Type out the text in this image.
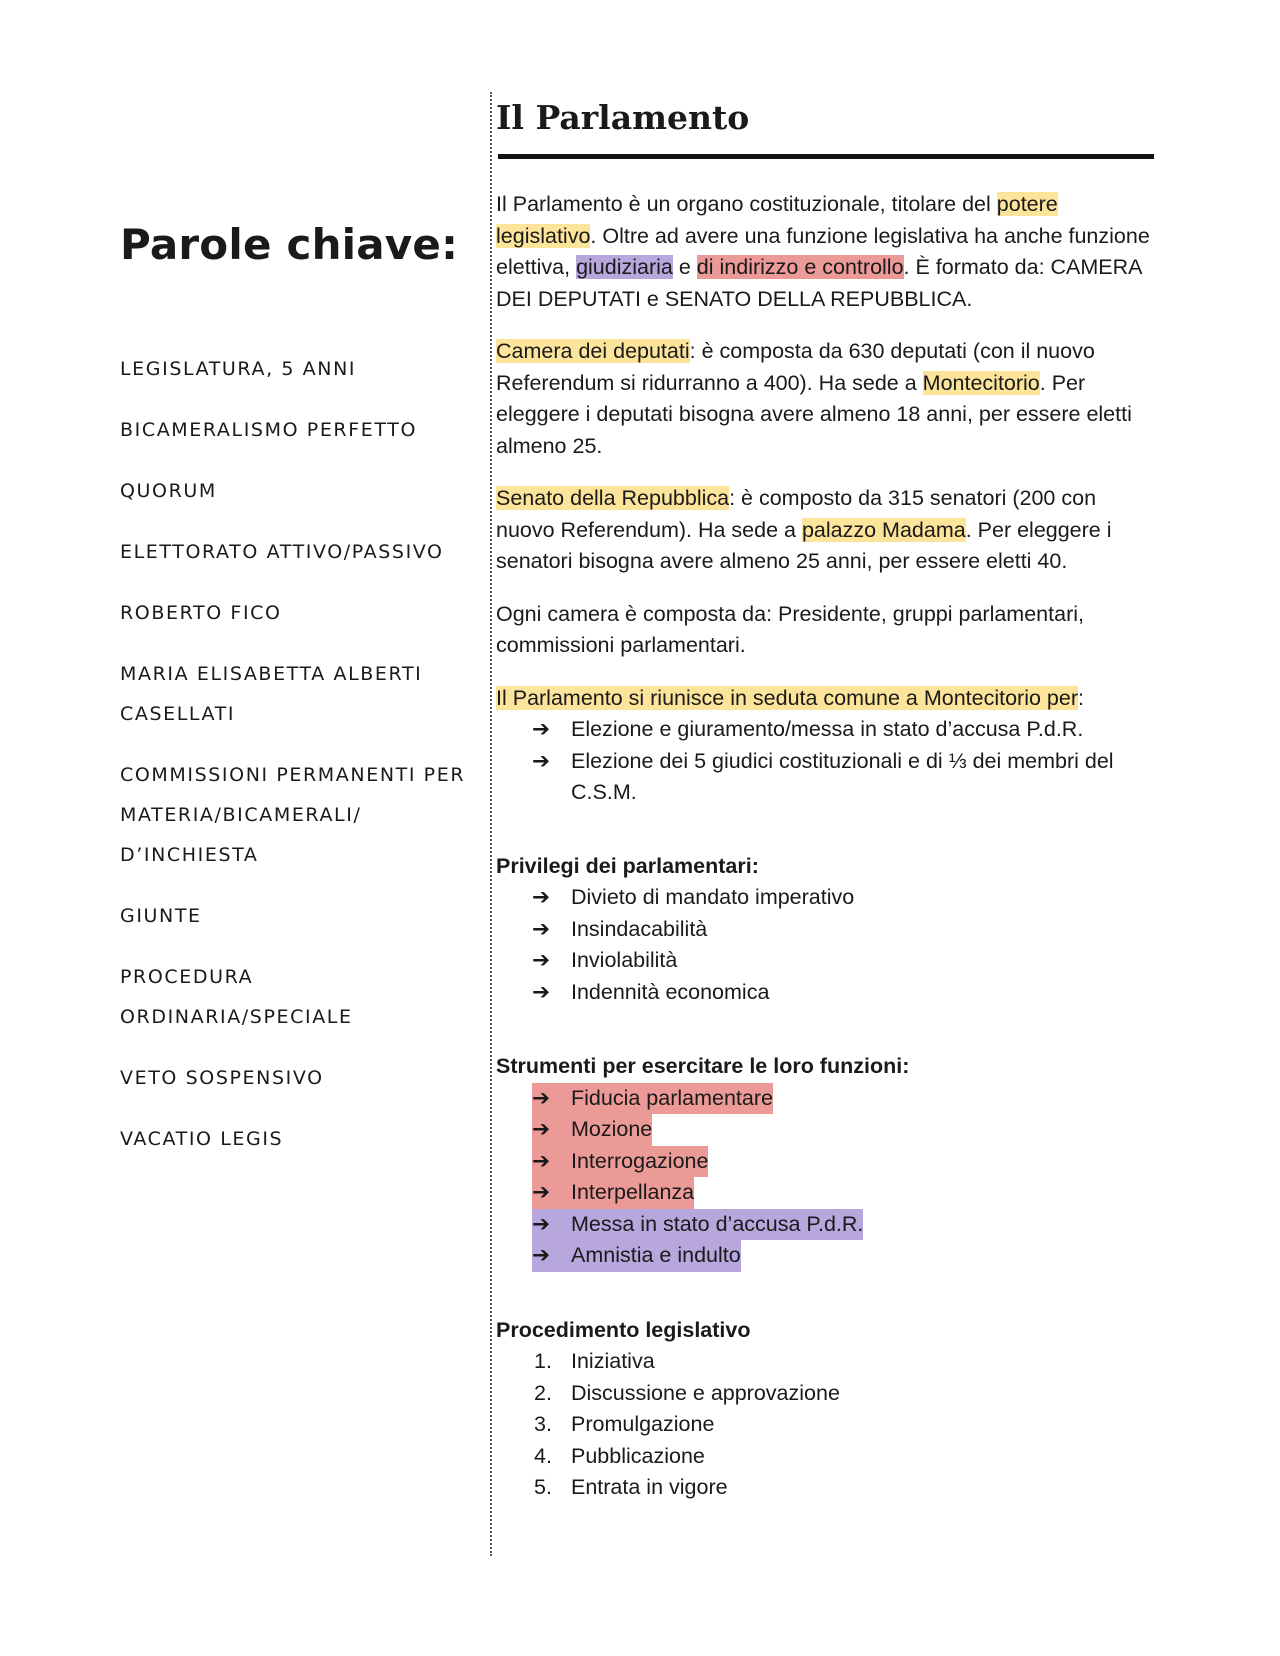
Parole chiave:
LEGISLATURA, 5 ANNI
BICAMERALISMO PERFETTO
QUORUM
ELETTORATO ATTIVO/PASSIVO
ROBERTO FICO
MARIA ELISABETTA ALBERTI CASELLATI
COMMISSIONI PERMANENTI PER MATERIA/BICAMERALI/ D’INCHIESTA
GIUNTE
PROCEDURA ORDINARIA/SPECIALE
VETO SOSPENSIVO
VACATIO LEGIS
Il Parlamento

Il Parlamento è un organo costituzionale, titolare del potere legislativo. Oltre ad avere una funzione legislativa ha anche funzione elettiva, giudiziaria e di indirizzo e controllo. È formato da: CAMERA DEI DEPUTATI e SENATO DELLA REPUBBLICA.

Camera dei deputati: è composta da 630 deputati (con il nuovo Referendum si ridurranno a 400). Ha sede a Montecitorio. Per eleggere i deputati bisogna avere almeno 18 anni, per essere eletti almeno 25.

Senato della Repubblica: è composto da 315 senatori (200 con nuovo Referendum). Ha sede a palazzo Madama. Per eleggere i senatori bisogna avere almeno 25 anni, per essere eletti 40.

Ogni camera è composta da: Presidente, gruppi parlamentari, commissioni parlamentari.

Il Parlamento si riunisce in seduta comune a Montecitorio per:

➔ Elezione e giuramento/messa in stato d’accusa P.d.R.
➔ Elezione dei 5 giudici costituzionali e di ⅓ dei membri del C.S.M.
Privilegi dei parlamentari:
➔ Divieto di mandato imperativo
➔ Insindacabilità
➔ Inviolabilità
➔ Indennità economica
Strumenti per esercitare le loro funzioni:
➔ Fiducia parlamentare
➔ Mozione
➔ Interrogazione
➔ Interpellanza
➔ Messa in stato d’accusa P.d.R.
➔ Amnistia e indulto
Procedimento legislativo
1. Iniziativa
2. Discussione e approvazione
3. Promulgazione
4. Pubblicazione
5. Entrata in vigore
